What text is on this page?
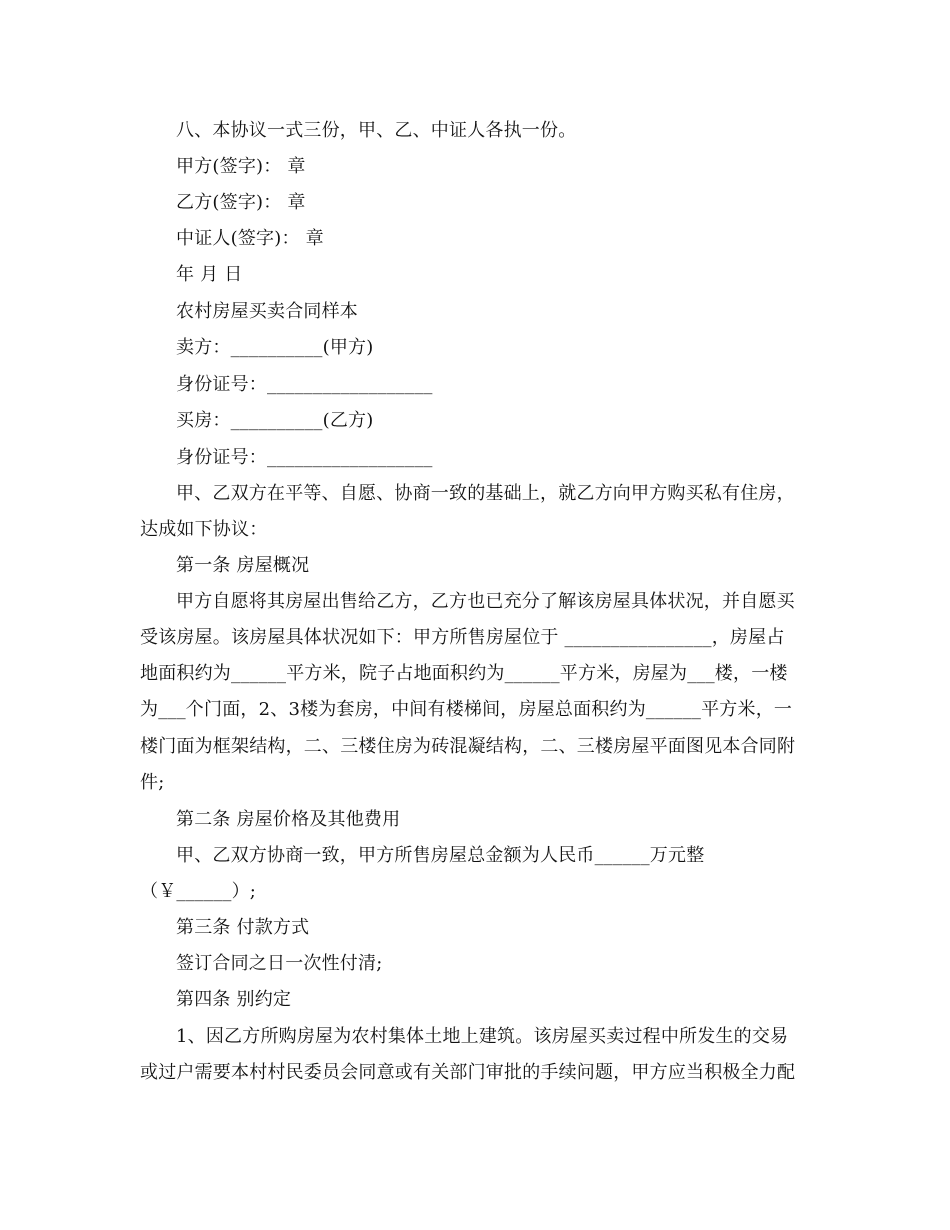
八、本协议一式三份，甲、乙、中证人各执一份。
甲方(签字)： 章
乙方(签字)： 章
中证人(签字)： 章
年 月 日
农村房屋买卖合同样本
卖方：__________(甲方)
身份证号：__________________
买房：__________(乙方)
身份证号：__________________
甲、乙双方在平等、自愿、协商一致的基础上，就乙方向甲方购买私有住房，
达成如下协议：
第一条 房屋概况
甲方自愿将其房屋出售给乙方，乙方也已充分了解该房屋具体状况，并自愿买
受该房屋。该房屋具体状况如下：甲方所售房屋位于 ________________，房屋占
地面积约为______平方米，院子占地面积约为______平方米，房屋为___楼，一楼
为___个门面，2、3楼为套房，中间有楼梯间，房屋总面积约为______平方米，一
楼门面为框架结构，二、三楼住房为砖混凝结构，二、三楼房屋平面图见本合同附
件;
第二条 房屋价格及其他费用
甲、乙双方协商一致，甲方所售房屋总金额为人民币______万元整
（￥______）;
第三条 付款方式
签订合同之日一次性付清;
第四条 别约定
1、因乙方所购房屋为农村集体土地上建筑。该房屋买卖过程中所发生的交易
或过户需要本村村民委员会同意或有关部门审批的手续问题，甲方应当积极全力配
